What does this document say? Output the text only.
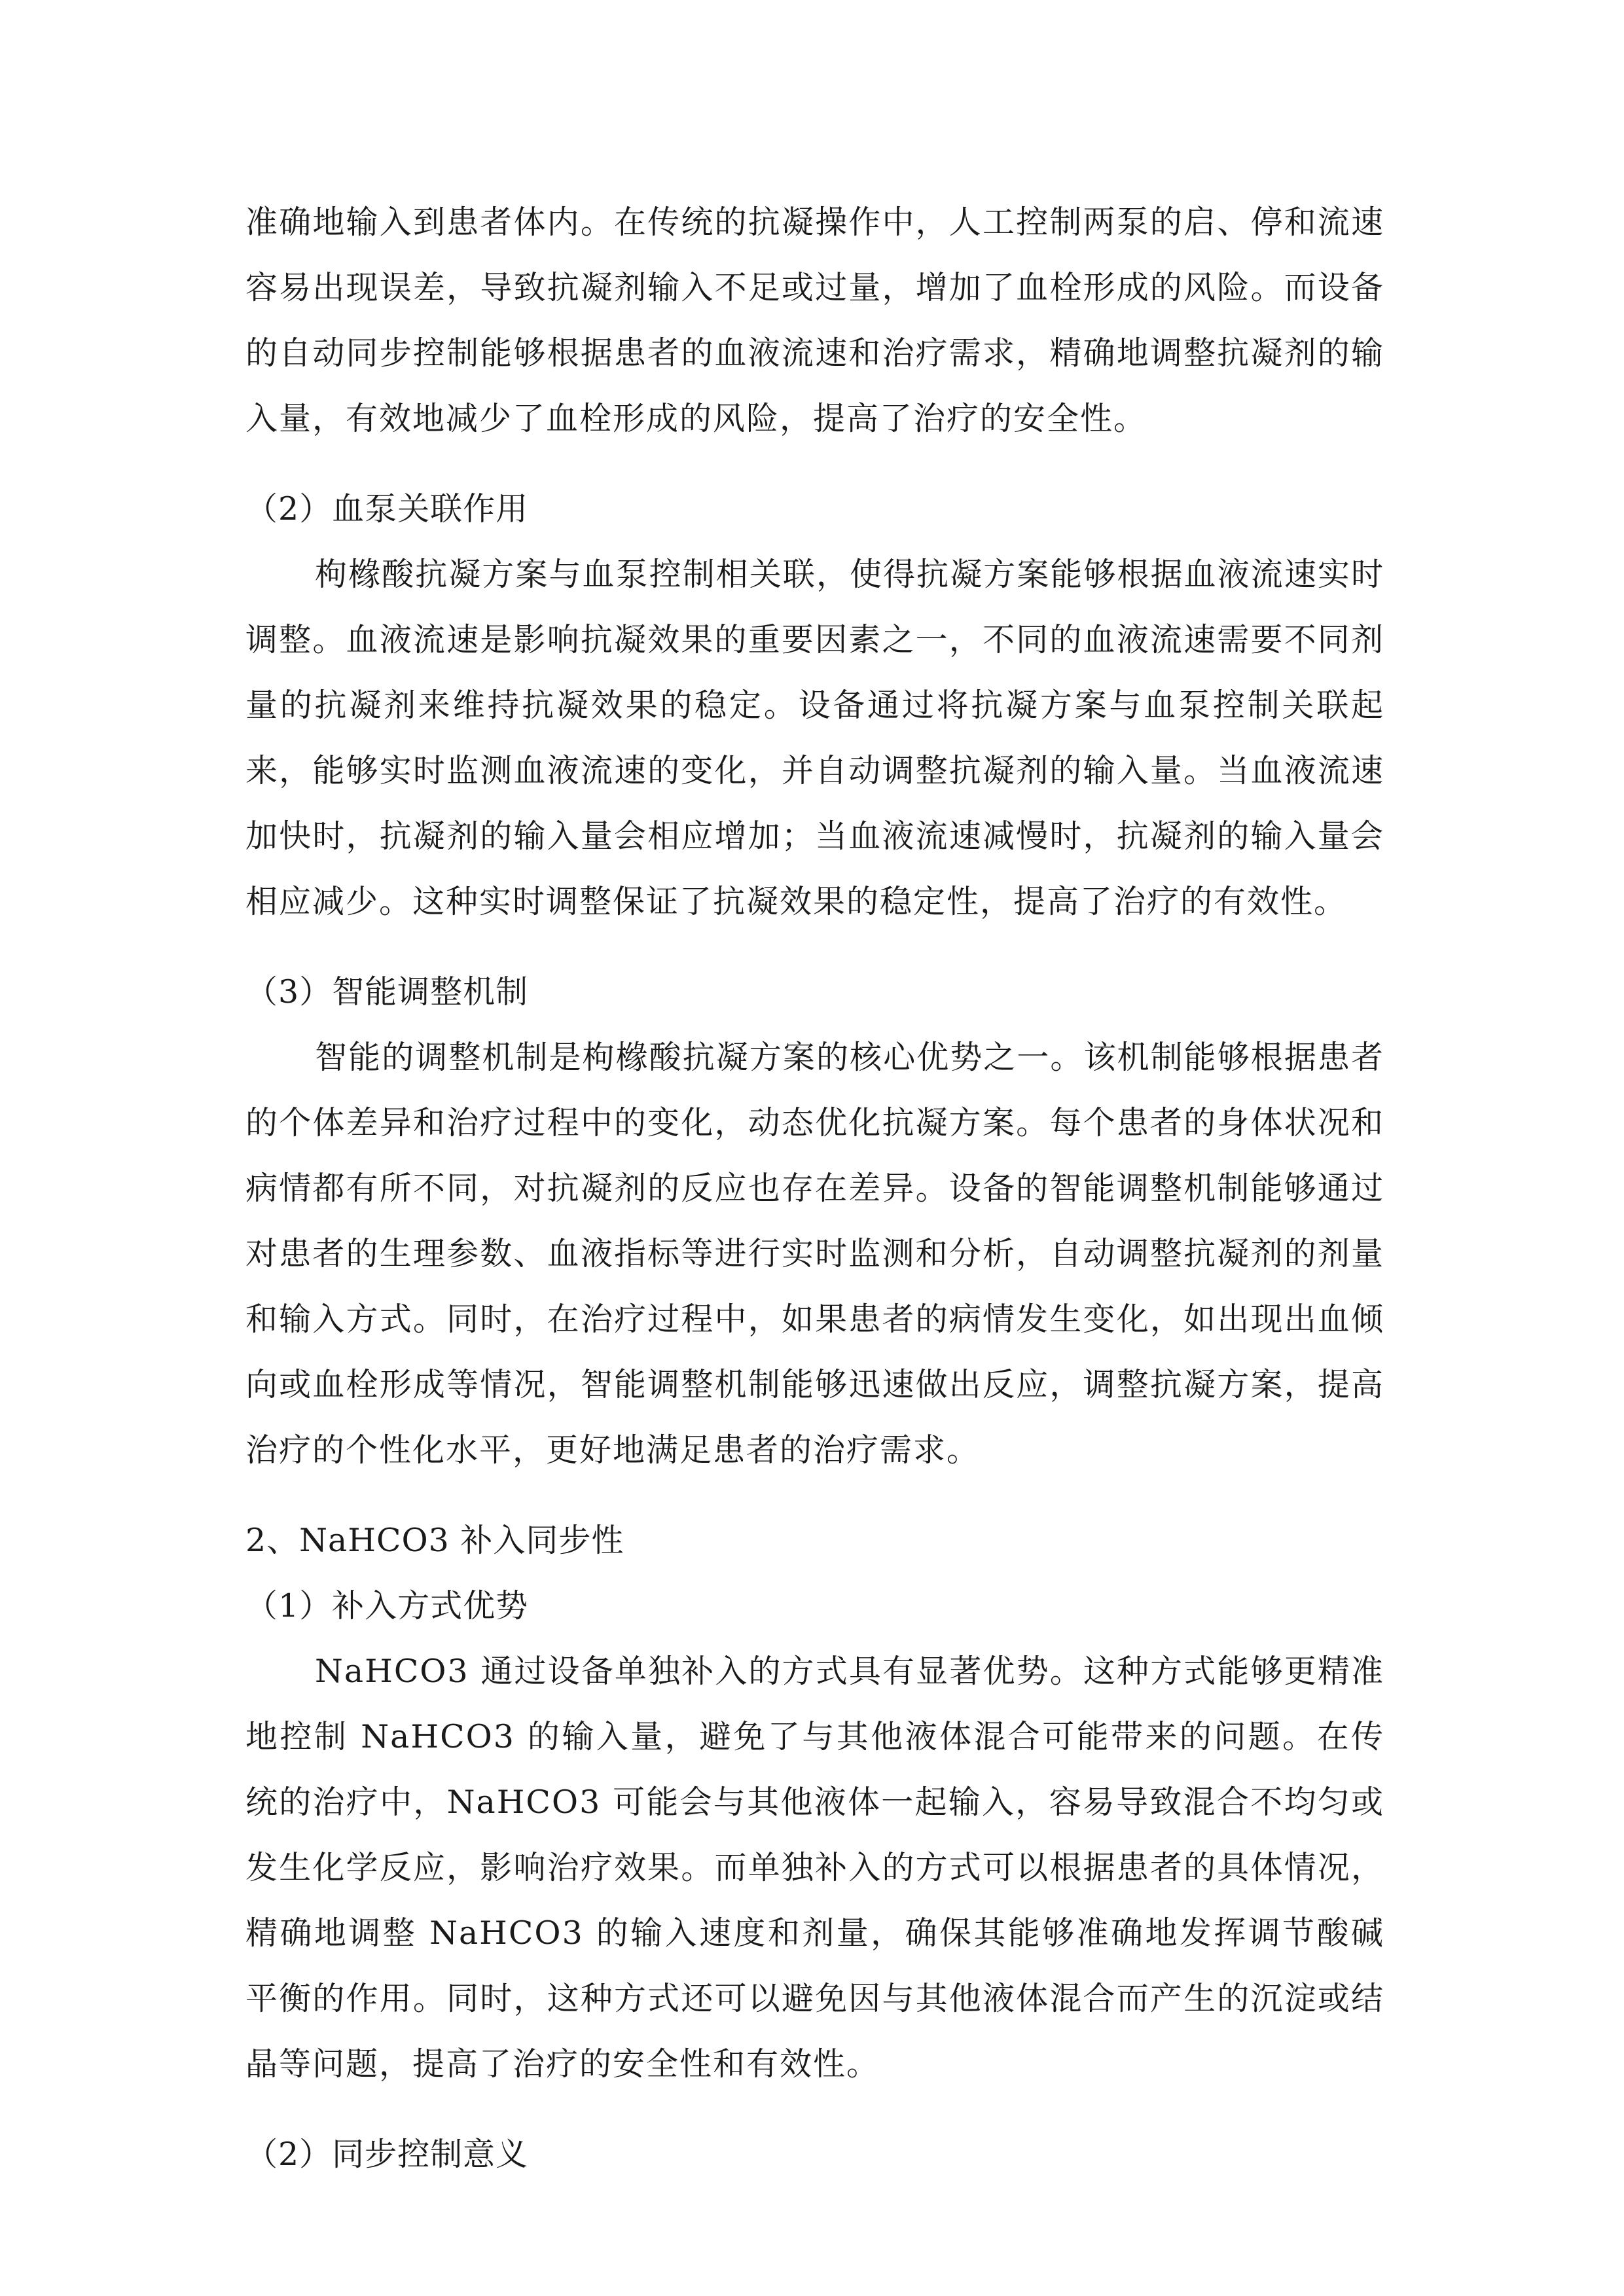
准确地输入到患者体内。在传统的抗凝操作中，人工控制两泵的启、停和流速容易出现误差，导致抗凝剂输入不足或过量，增加了血栓形成的风险。而设备的自动同步控制能够根据患者的血液流速和治疗需求，精确地调整抗凝剂的输入量，有效地减少了血栓形成的风险，提高了治疗的安全性。

（2）血泵关联作用

枸橼酸抗凝方案与血泵控制相关联，使得抗凝方案能够根据血液流速实时调整。血液流速是影响抗凝效果的重要因素之一，不同的血液流速需要不同剂量的抗凝剂来维持抗凝效果的稳定。设备通过将抗凝方案与血泵控制关联起来，能够实时监测血液流速的变化，并自动调整抗凝剂的输入量。当血液流速加快时，抗凝剂的输入量会相应增加；当血液流速减慢时，抗凝剂的输入量会相应减少。这种实时调整保证了抗凝效果的稳定性，提高了治疗的有效性。

（3）智能调整机制

智能的调整机制是枸橼酸抗凝方案的核心优势之一。该机制能够根据患者的个体差异和治疗过程中的变化，动态优化抗凝方案。每个患者的身体状况和病情都有所不同，对抗凝剂的反应也存在差异。设备的智能调整机制能够通过对患者的生理参数、血液指标等进行实时监测和分析，自动调整抗凝剂的剂量和输入方式。同时，在治疗过程中，如果患者的病情发生变化，如出现出血倾向或血栓形成等情况，智能调整机制能够迅速做出反应，调整抗凝方案，提高治疗的个性化水平，更好地满足患者的治疗需求。

2、NaHCO3 补入同步性

（1）补入方式优势

NaHCO3 通过设备单独补入的方式具有显著优势。这种方式能够更精准地控制 NaHCO3 的输入量，避免了与其他液体混合可能带来的问题。在传统的治疗中，NaHCO3 可能会与其他液体一起输入，容易导致混合不均匀或发生化学反应，影响治疗效果。而单独补入的方式可以根据患者的具体情况，精确地调整 NaHCO3 的输入速度和剂量，确保其能够准确地发挥调节酸碱平衡的作用。同时，这种方式还可以避免因与其他液体混合而产生的沉淀或结晶等问题，提高了治疗的安全性和有效性。

（2）同步控制意义
